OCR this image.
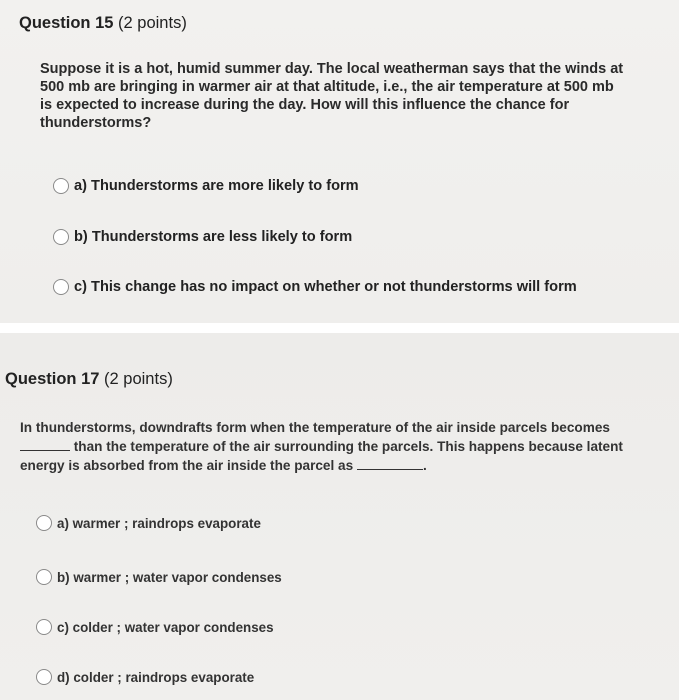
Question 15 (2 points)
Suppose it is a hot, humid summer day. The local weatherman says that the winds at
500 mb are bringing in warmer air at that altitude, i.e., the air temperature at 500 mb
is expected to increase during the day. How will this influence the chance for
thunderstorms?
a) Thunderstorms are more likely to form
b) Thunderstorms are less likely to form
c) This change has no impact on whether or not thunderstorms will form
Question 17 (2 points)
In thunderstorms, downdrafts form when the temperature of the air inside parcels becomes
than the temperature of the air surrounding the parcels. This happens because latent
energy is absorbed from the air inside the parcel as	.
a) warmer ; raindrops evaporate
b) warmer ; water vapor condenses
c) colder ; water vapor condenses
d) colder ; raindrops evaporate
